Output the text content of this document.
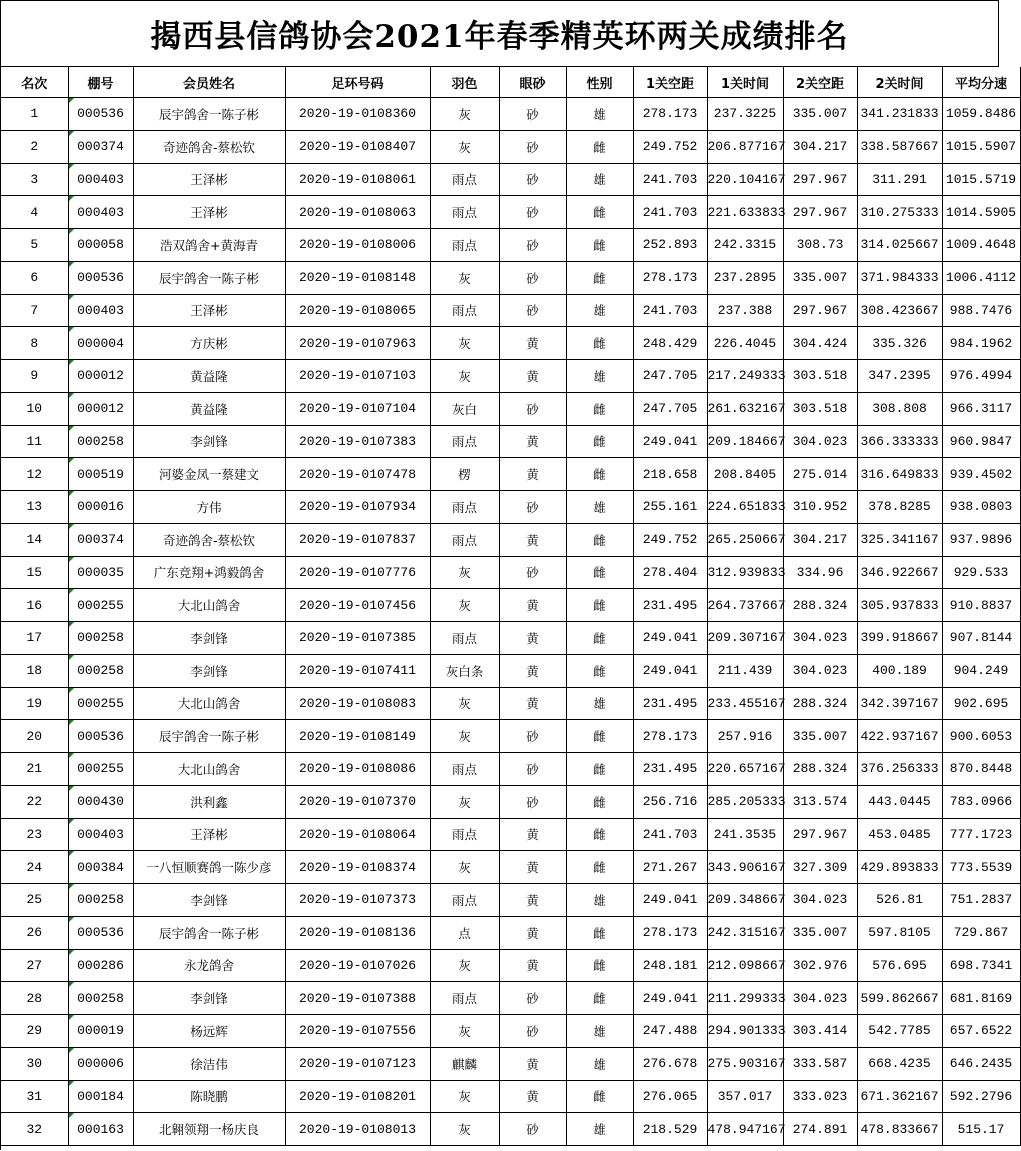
揭西县信鸽协会2021年春季精英环两关成绩排名
名次	棚号	会员姓名	足环号码	羽色	眼砂	性别	1关空距	1关时间	2关空距	2关时间	平均分速
1	000536	辰宇鸽舍一陈子彬	2020-19-0108360	灰	砂	雄	278.173	237.3225	335.007	341.231833	1059.8486
2	000374	奇迹鸽舍-蔡松钦	2020-19-0108407	灰	砂	雌	249.752	206.877167	304.217	338.587667	1015.5907
3	000403	王泽彬	2020-19-0108061	雨点	砂	雄	241.703	220.104167	297.967	311.291	1015.5719
4	000403	王泽彬	2020-19-0108063	雨点	砂	雌	241.703	221.633833	297.967	310.275333	1014.5905
5	000058	浩双鸽舍+黄海青	2020-19-0108006	雨点	砂	雌	252.893	242.3315	308.73	314.025667	1009.4648
6	000536	辰宇鸽舍一陈子彬	2020-19-0108148	灰	砂	雌	278.173	237.2895	335.007	371.984333	1006.4112
7	000403	王泽彬	2020-19-0108065	雨点	砂	雄	241.703	237.388	297.967	308.423667	988.7476
8	000004	方庆彬	2020-19-0107963	灰	黄	雌	248.429	226.4045	304.424	335.326	984.1962
9	000012	黄益隆	2020-19-0107103	灰	黄	雄	247.705	217.249333	303.518	347.2395	976.4994
10	000012	黄益隆	2020-19-0107104	灰白	砂	雌	247.705	261.632167	303.518	308.808	966.3117
11	000258	李剑锋	2020-19-0107383	雨点	黄	雌	249.041	209.184667	304.023	366.333333	960.9847
12	000519	河婆金凤一蔡建文	2020-19-0107478	楞	黄	雌	218.658	208.8405	275.014	316.649833	939.4502
13	000016	方伟	2020-19-0107934	雨点	砂	雄	255.161	224.651833	310.952	378.8285	938.0803
14	000374	奇迹鸽舍-蔡松钦	2020-19-0107837	雨点	黄	雌	249.752	265.250667	304.217	325.341167	937.9896
15	000035	广东竞翔+鸿毅鸽舍	2020-19-0107776	灰	砂	雌	278.404	312.939833	334.96	346.922667	929.533
16	000255	大北山鸽舍	2020-19-0107456	灰	黄	雌	231.495	264.737667	288.324	305.937833	910.8837
17	000258	李剑锋	2020-19-0107385	雨点	黄	雌	249.041	209.307167	304.023	399.918667	907.8144
18	000258	李剑锋	2020-19-0107411	灰白条	黄	雌	249.041	211.439	304.023	400.189	904.249
19	000255	大北山鸽舍	2020-19-0108083	灰	黄	雄	231.495	233.455167	288.324	342.397167	902.695
20	000536	辰宇鸽舍一陈子彬	2020-19-0108149	灰	砂	雌	278.173	257.916	335.007	422.937167	900.6053
21	000255	大北山鸽舍	2020-19-0108086	雨点	砂	雌	231.495	220.657167	288.324	376.256333	870.8448
22	000430	洪利鑫	2020-19-0107370	灰	砂	雌	256.716	285.205333	313.574	443.0445	783.0966
23	000403	王泽彬	2020-19-0108064	雨点	黄	雌	241.703	241.3535	297.967	453.0485	777.1723
24	000384	一八恒顺赛鸽一陈少彦	2020-19-0108374	灰	黄	雌	271.267	343.906167	327.309	429.893833	773.5539
25	000258	李剑锋	2020-19-0107373	雨点	黄	雄	249.041	209.348667	304.023	526.81	751.2837
26	000536	辰宇鸽舍一陈子彬	2020-19-0108136	点	黄	雌	278.173	242.315167	335.007	597.8105	729.867
27	000286	永龙鸽舍	2020-19-0107026	灰	黄	雌	248.181	212.098667	302.976	576.695	698.7341
28	000258	李剑锋	2020-19-0107388	雨点	砂	雌	249.041	211.299333	304.023	599.862667	681.8169
29	000019	杨远辉	2020-19-0107556	灰	砂	雄	247.488	294.901333	303.414	542.7785	657.6522
30	000006	徐洁伟	2020-19-0107123	麒麟	黄	雄	276.678	275.903167	333.587	668.4235	646.2435
31	000184	陈晓鹏	2020-19-0108201	灰	黄	雌	276.065	357.017	333.023	671.362167	592.2796
32	000163	北翱领翔一杨庆良	2020-19-0108013	灰	砂	雄	218.529	478.947167	274.891	478.833667	515.17
